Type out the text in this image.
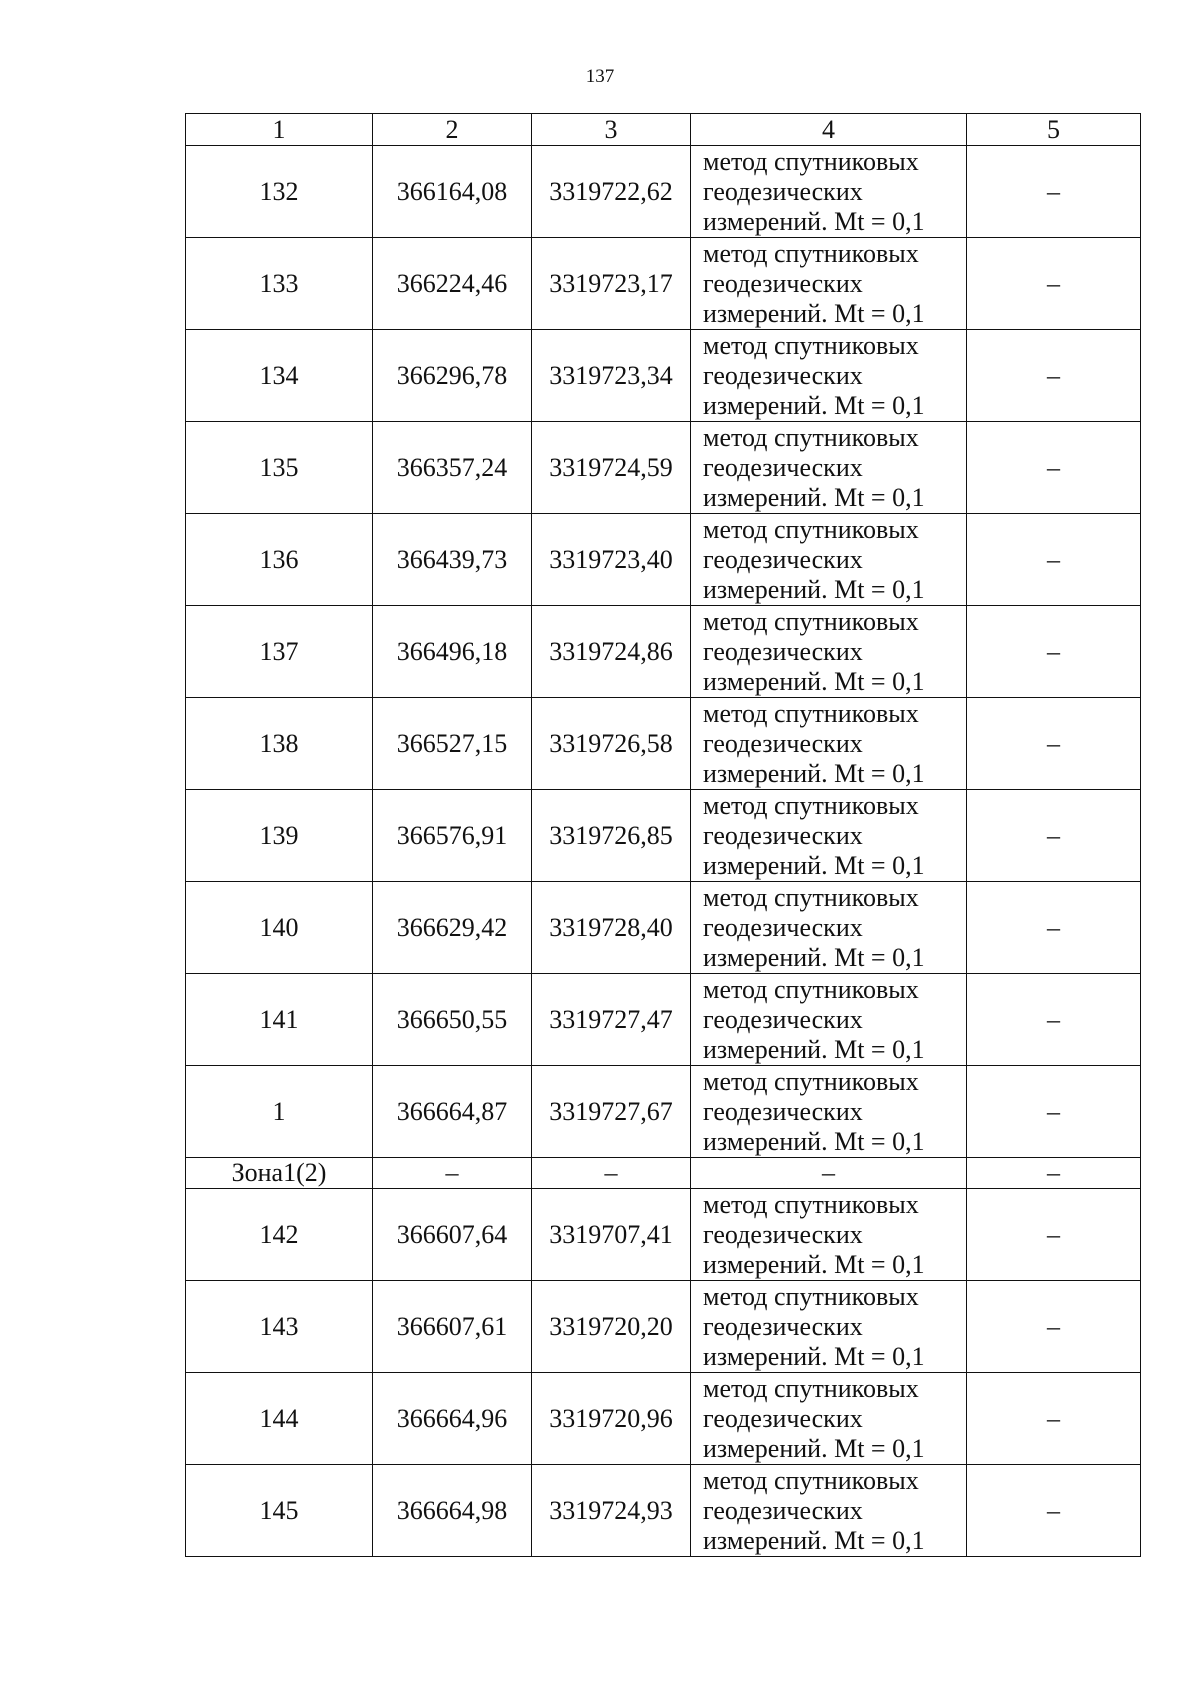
137
1	2	3	4	5
132	366164,08	3319722,62	метод спутниковых
геодезических
измерений. Mt = 0,1	–
133	366224,46	3319723,17	метод спутниковых
геодезических
измерений. Mt = 0,1	–
134	366296,78	3319723,34	метод спутниковых
геодезических
измерений. Mt = 0,1	–
135	366357,24	3319724,59	метод спутниковых
геодезических
измерений. Mt = 0,1	–
136	366439,73	3319723,40	метод спутниковых
геодезических
измерений. Mt = 0,1	–
137	366496,18	3319724,86	метод спутниковых
геодезических
измерений. Mt = 0,1	–
138	366527,15	3319726,58	метод спутниковых
геодезических
измерений. Mt = 0,1	–
139	366576,91	3319726,85	метод спутниковых
геодезических
измерений. Mt = 0,1	–
140	366629,42	3319728,40	метод спутниковых
геодезических
измерений. Mt = 0,1	–
141	366650,55	3319727,47	метод спутниковых
геодезических
измерений. Mt = 0,1	–
1	366664,87	3319727,67	метод спутниковых
геодезических
измерений. Mt = 0,1	–
Зона1(2)	–	–	–	–
142	366607,64	3319707,41	метод спутниковых
геодезических
измерений. Mt = 0,1	–
143	366607,61	3319720,20	метод спутниковых
геодезических
измерений. Mt = 0,1	–
144	366664,96	3319720,96	метод спутниковых
геодезических
измерений. Mt = 0,1	–
145	366664,98	3319724,93	метод спутниковых
геодезических
измерений. Mt = 0,1	–
